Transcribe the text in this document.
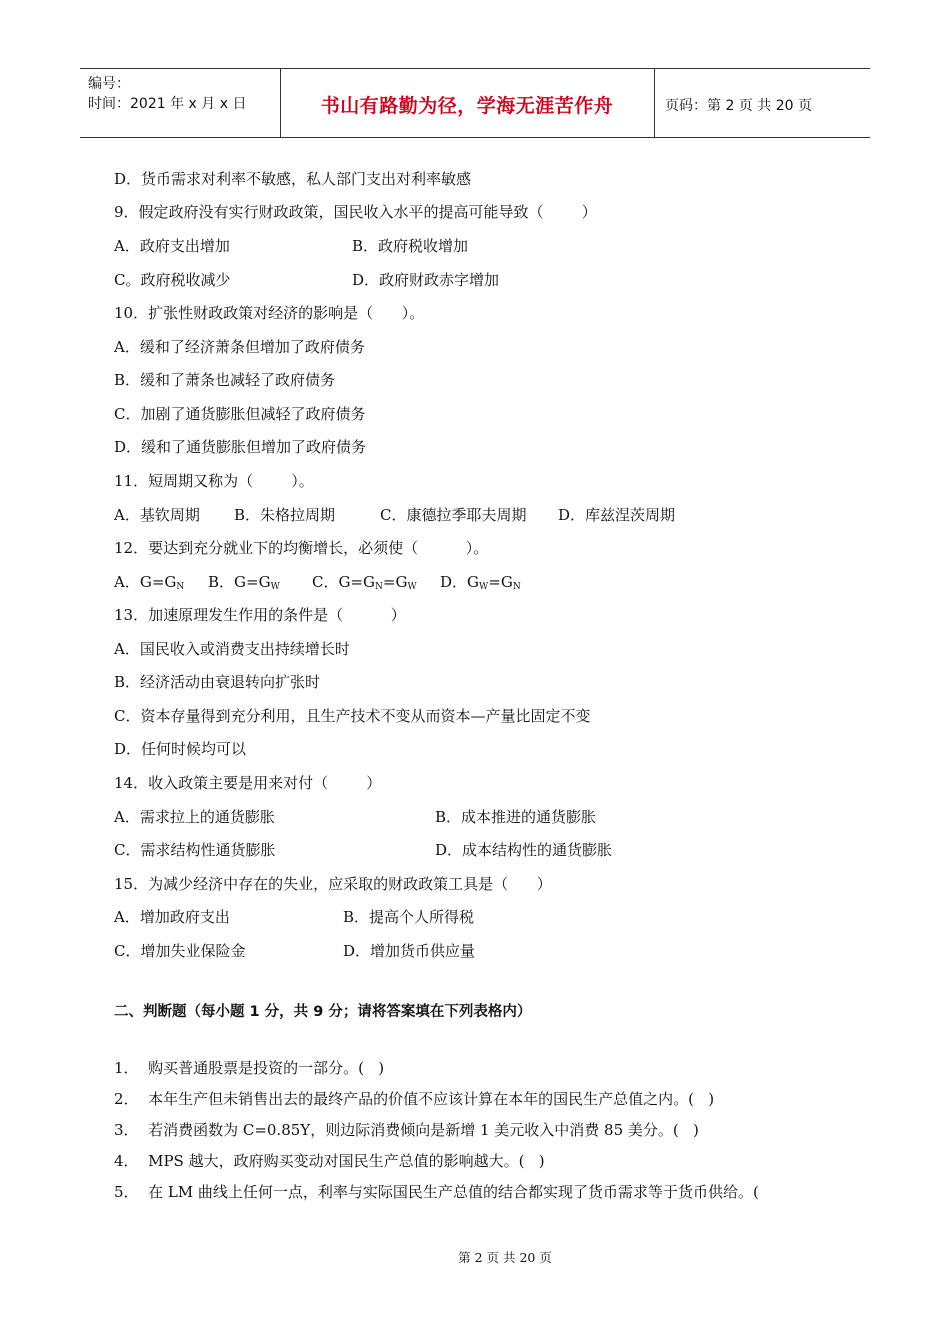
编号：
时间：2021 年 x 月 x 日	书山有路勤为径，学海无涯苦作舟	页码：第 2 页 共 20 页
D．货币需求对利率不敏感，私人部门支出对利率敏感
9．假定政府没有实行财政政策，国民收入水平的提高可能导致（        ）
A．政府支出增加	B．政府税收增加
C。政府税收减少	D．政府财政赤字增加
10．扩张性财政政策对经济的影响是（      ）。
A．缓和了经济萧条但增加了政府债务
B．缓和了萧条也减轻了政府债务
C．加剧了通货膨胀但减轻了政府债务
D．缓和了通货膨胀但增加了政府债务
11．短周期又称为（        ）。
A．基钦周期 B．朱格拉周期	C．康德拉季耶夫周期 D．库兹涅茨周期
12．要达到充分就业下的均衡增长，必须使（          ）。
A．$G=G_N$ B．$G=G_W$ C．$G=G_N=G_W$ D．$G_W=G_N$
13．加速原理发生作用的条件是（          ）
A．国民收入或消费支出持续增长时
B．经济活动由衰退转向扩张时
C．资本存量得到充分利用，且生产技术不变从而资本—产量比固定不变
D．任何时候均可以
14．收入政策主要是用来对付（        ）
A．需求拉上的通货膨胀	B．成本推进的通货膨胀
C．需求结构性通货膨胀	D．成本结构性的通货膨胀
15．为减少经济中存在的失业，应采取的财政政策工具是（      ）
A．增加政府支出	B．提高个人所得税
C．增加失业保险金	D．增加货币供应量
二、判断题（每小题 1 分，共 9 分；请将答案填在下列表格内）
1．  购买普通股票是投资的一部分。(   )
2．  本年生产但未销售出去的最终产品的价值不应该计算在本年的国民生产总值之内。(   )
3．  若消费函数为 C=0.85Y，则边际消费倾向是新增 1 美元收入中消费 85 美分。(   )
4．  MPS 越大，政府购买变动对国民生产总值的影响越大。(   )
5．  在 LM 曲线上任何一点，利率与实际国民生产总值的结合都实现了货币需求等于货币供给。(
第 2 页 共 20 页
